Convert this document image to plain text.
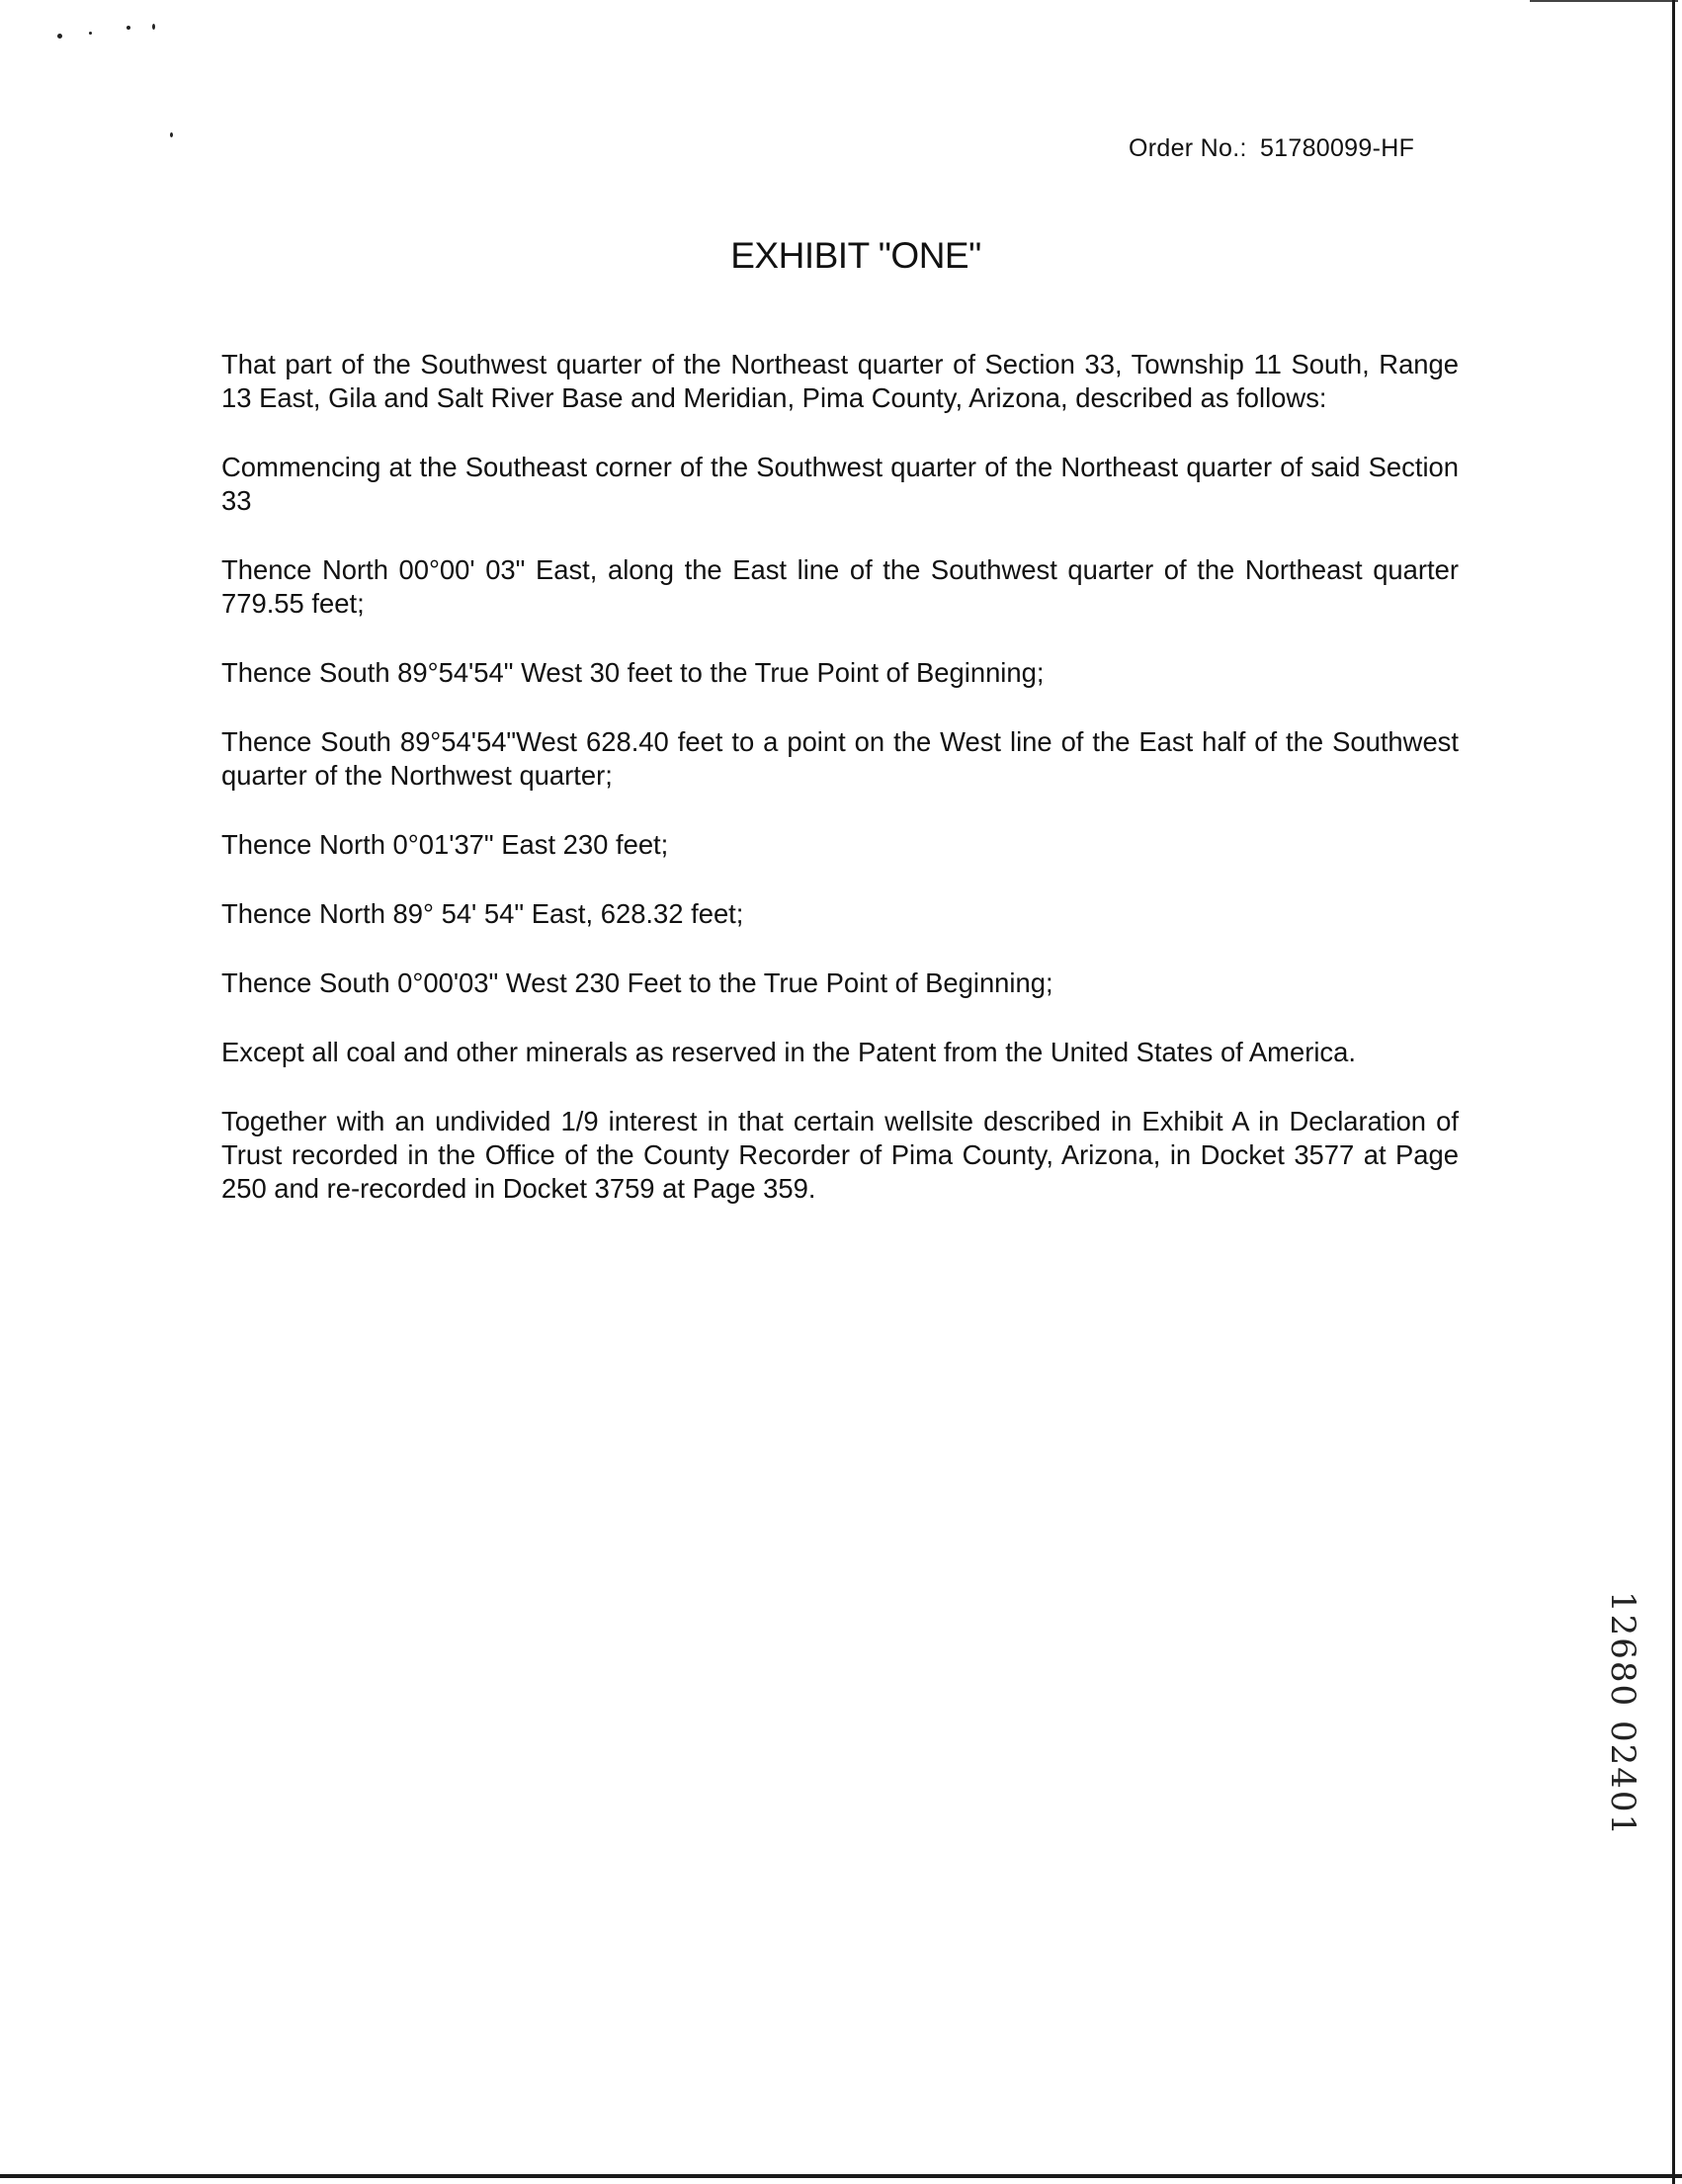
Order No.: 51780099-HF
EXHIBIT "ONE"

That part of the Southwest quarter of the Northeast quarter of Section 33, Township 11 South, Range 13 East, Gila and Salt River Base and Meridian, Pima County, Arizona, described as follows:

Commencing at the Southeast corner of the Southwest quarter of the Northeast quarter of said Section 33

Thence North 00°00' 03" East, along the East line of the Southwest quarter of the Northeast quarter 779.55 feet;

Thence South 89°54'54" West 30 feet to the True Point of Beginning;

Thence South 89°54'54"West 628.40 feet to a point on the West line of the East half of the Southwest quarter of the Northwest quarter;

Thence North 0°01'37" East 230 feet;

Thence North 89° 54' 54" East, 628.32 feet;

Thence South 0°00'03" West 230 Feet to the True Point of Beginning;

Except all coal and other minerals as reserved in the Patent from the United States of America.

Together with an undivided 1/9 interest in that certain wellsite described in Exhibit A in Declaration of Trust recorded in the Office of the County Recorder of Pima County, Arizona, in Docket 3577 at Page 250 and re-recorded in Docket 3759 at Page 359.

12680 02401
